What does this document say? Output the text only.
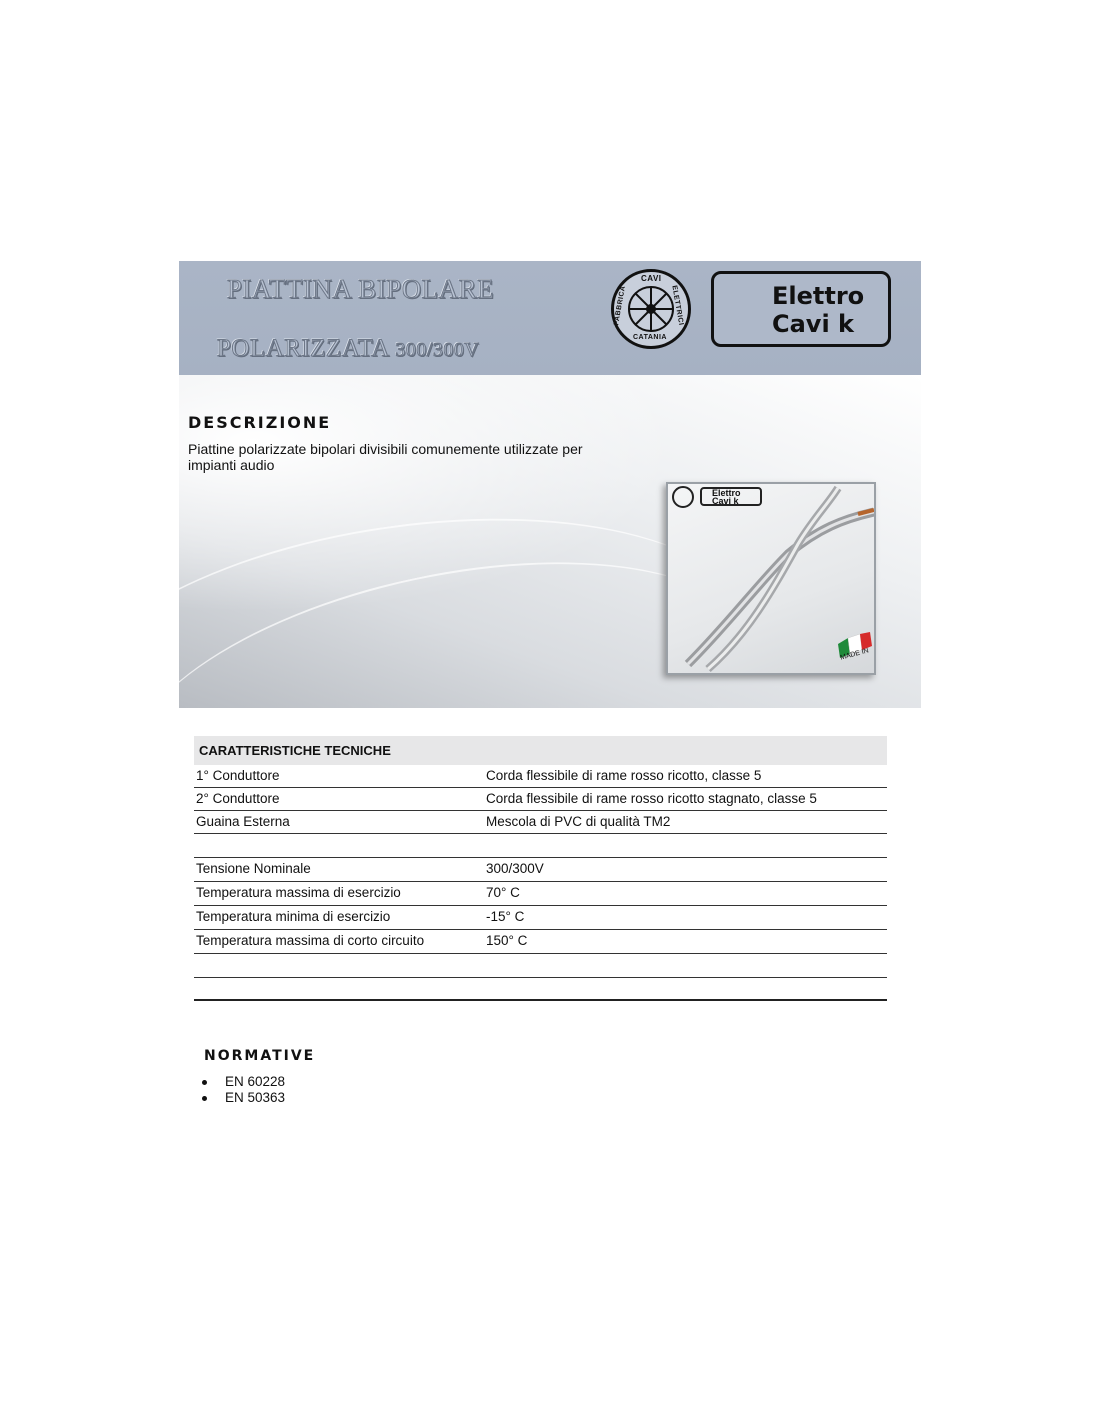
PIATTINA BIPOLARE
POLARIZZATA 300/300V
CAVI
FABBRICA	ELETTRICI
CATANIA
Elettro
Cavi k
DESCRIZIONE
Piattine polarizzate bipolari divisibili comunemente utilizzate per impianti audio
Elettro
Cavi k
MADE IN
CARATTERISTICHE TECNICHE
1° Conduttore	Corda flessibile di rame rosso ricotto, classe 5
2° Conduttore	Corda flessibile di rame rosso ricotto stagnato, classe 5
Guaina Esterna	Mescola di PVC di qualità TM2
Tensione Nominale	300/300V
Temperatura massima di esercizio	70° C
Temperatura minima di esercizio	-15° C
Temperatura massima di corto circuito	150° C
NORMATIVE
EN 60228
EN 50363
